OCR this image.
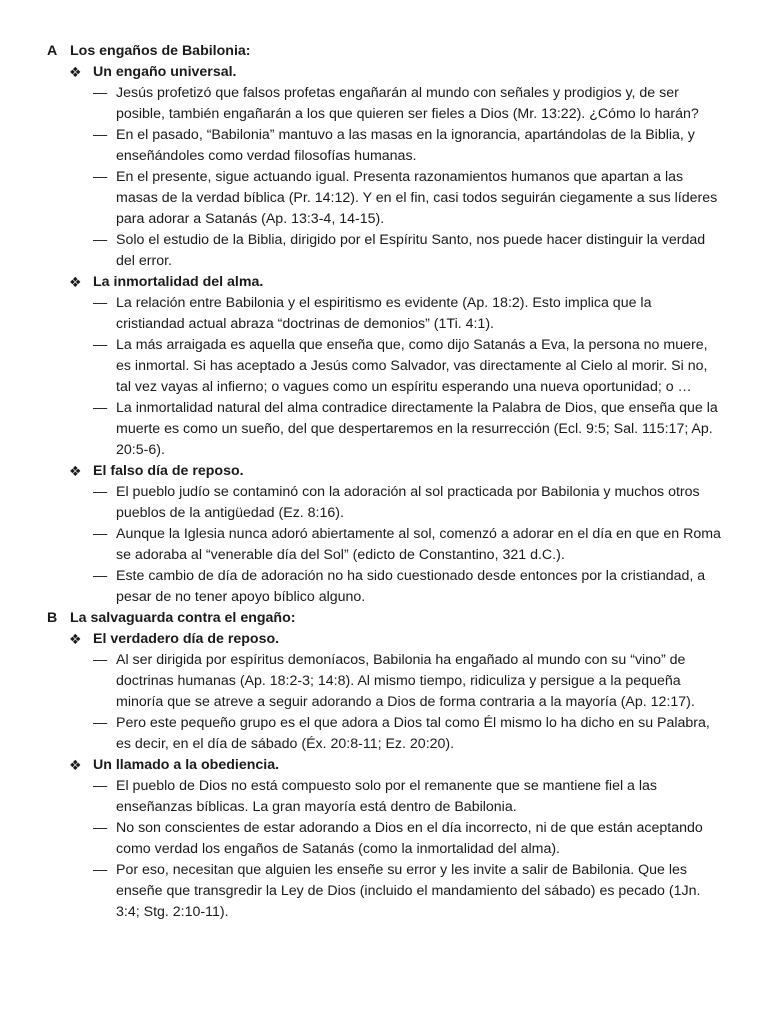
A Los engaños de Babilonia:
❖ Un engaño universal.
— Jesús profetizó que falsos profetas engañarán al mundo con señales y prodigios y, de ser posible, también engañarán a los que quieren ser fieles a Dios (Mr. 13:22). ¿Cómo lo harán?
— En el pasado, “Babilonia” mantuvo a las masas en la ignorancia, apartándolas de la Biblia, y enseñándoles como verdad filosofías humanas.
— En el presente, sigue actuando igual. Presenta razonamientos humanos que apartan a las masas de la verdad bíblica (Pr. 14:12). Y en el fin, casi todos seguirán ciegamente a sus líderes para adorar a Satanás (Ap. 13:3-4, 14-15).
— Solo el estudio de la Biblia, dirigido por el Espíritu Santo, nos puede hacer distinguir la verdad del error.
❖ La inmortalidad del alma.
— La relación entre Babilonia y el espiritismo es evidente (Ap. 18:2). Esto implica que la cristiandad actual abraza “doctrinas de demonios” (1Ti. 4:1).
— La más arraigada es aquella que enseña que, como dijo Satanás a Eva, la persona no muere, es inmortal. Si has aceptado a Jesús como Salvador, vas directamente al Cielo al morir. Si no, tal vez vayas al infierno; o vagues como un espíritu esperando una nueva oportunidad; o …
— La inmortalidad natural del alma contradice directamente la Palabra de Dios, que enseña que la muerte es como un sueño, del que despertaremos en la resurrección (Ecl. 9:5; Sal. 115:17; Ap. 20:5-6).
❖ El falso día de reposo.
— El pueblo judío se contaminó con la adoración al sol practicada por Babilonia y muchos otros pueblos de la antigüedad (Ez. 8:16).
— Aunque la Iglesia nunca adoró abiertamente al sol, comenzó a adorar en el día en que en Roma se adoraba al “venerable día del Sol” (edicto de Constantino, 321 d.C.).
— Este cambio de día de adoración no ha sido cuestionado desde entonces por la cristiandad, a pesar de no tener apoyo bíblico alguno.
B La salvaguarda contra el engaño:
❖ El verdadero día de reposo.
— Al ser dirigida por espíritus demoníacos, Babilonia ha engañado al mundo con su “vino” de doctrinas humanas (Ap. 18:2-3; 14:8). Al mismo tiempo, ridiculiza y persigue a la pequeña minoría que se atreve a seguir adorando a Dios de forma contraria a la mayoría (Ap. 12:17).
— Pero este pequeño grupo es el que adora a Dios tal como Él mismo lo ha dicho en su Palabra, es decir, en el día de sábado (Éx. 20:8-11; Ez. 20:20).
❖ Un llamado a la obediencia.
— El pueblo de Dios no está compuesto solo por el remanente que se mantiene fiel a las enseñanzas bíblicas. La gran mayoría está dentro de Babilonia.
— No son conscientes de estar adorando a Dios en el día incorrecto, ni de que están aceptando como verdad los engaños de Satanás (como la inmortalidad del alma).
— Por eso, necesitan que alguien les enseñe su error y les invite a salir de Babilonia. Que les enseñe que transgredir la Ley de Dios (incluido el mandamiento del sábado) es pecado (1Jn. 3:4; Stg. 2:10-11).
